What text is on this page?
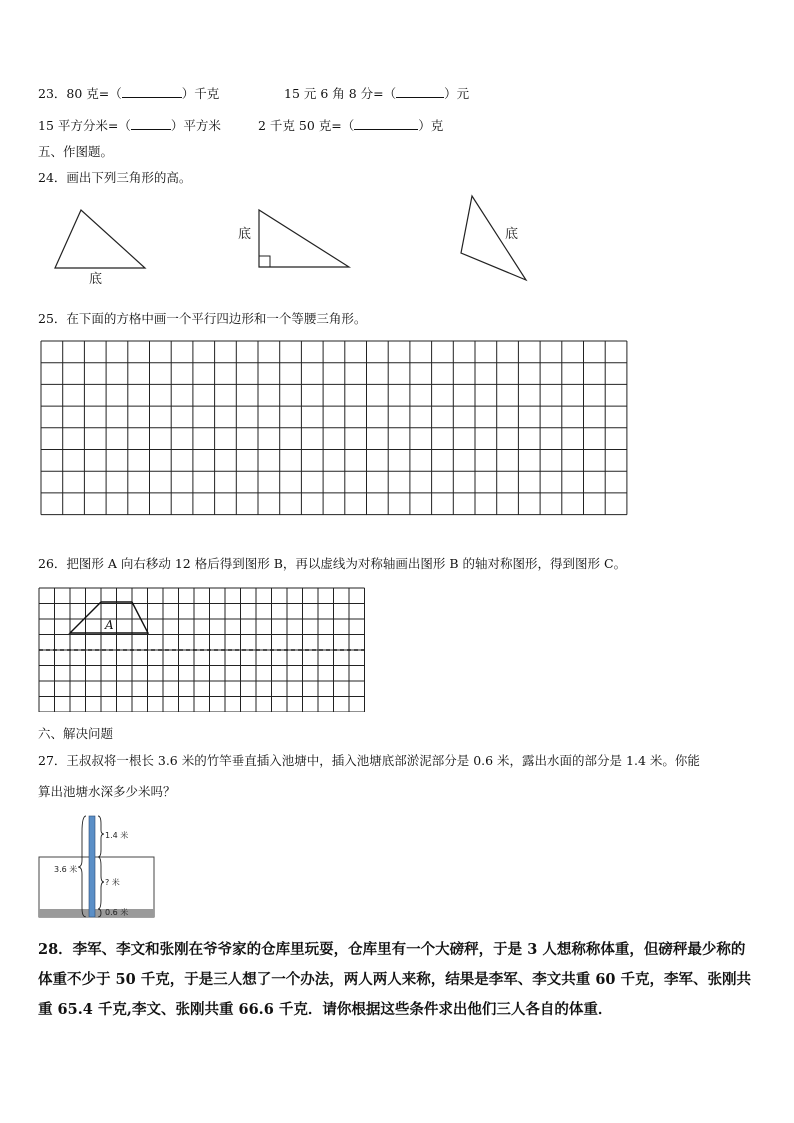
23．80 克=（	）千克	15 元 6 角 8 分=（	）元
15 平方分米=（	）平方米	2 千克 50 克=（	）克
五、作图题。
24．画出下列三角形的高。
底
底	底
25．在下面的方格中画一个平行四边形和一个等腰三角形。
26．把图形 A 向右移动 12 格后得到图形 B，再以虚线为对称轴画出图形 B 的轴对称图形，得到图形 C。
A
六、解决问题
27．王叔叔将一根长 3.6 米的竹竿垂直插入池塘中，插入池塘底部淤泥部分是 0.6 米，露出水面的部分是 1.4 米。你能
算出池塘水深多少米吗？
1.4 米
3.6 米
? 米
0.6 米
28．李军、李文和张刚在爷爷家的仓库里玩耍，仓库里有一个大磅秤，于是 3 人想称称体重，但磅秤最少称的体重不少于 50 千克，于是三人想了一个办法，两人两人来称，结果是李军、李文共重 60 千克，李军、张刚共重 65.4 千克,李文、张刚共重 66.6 千克．请你根据这些条件求出他们三人各自的体重．
